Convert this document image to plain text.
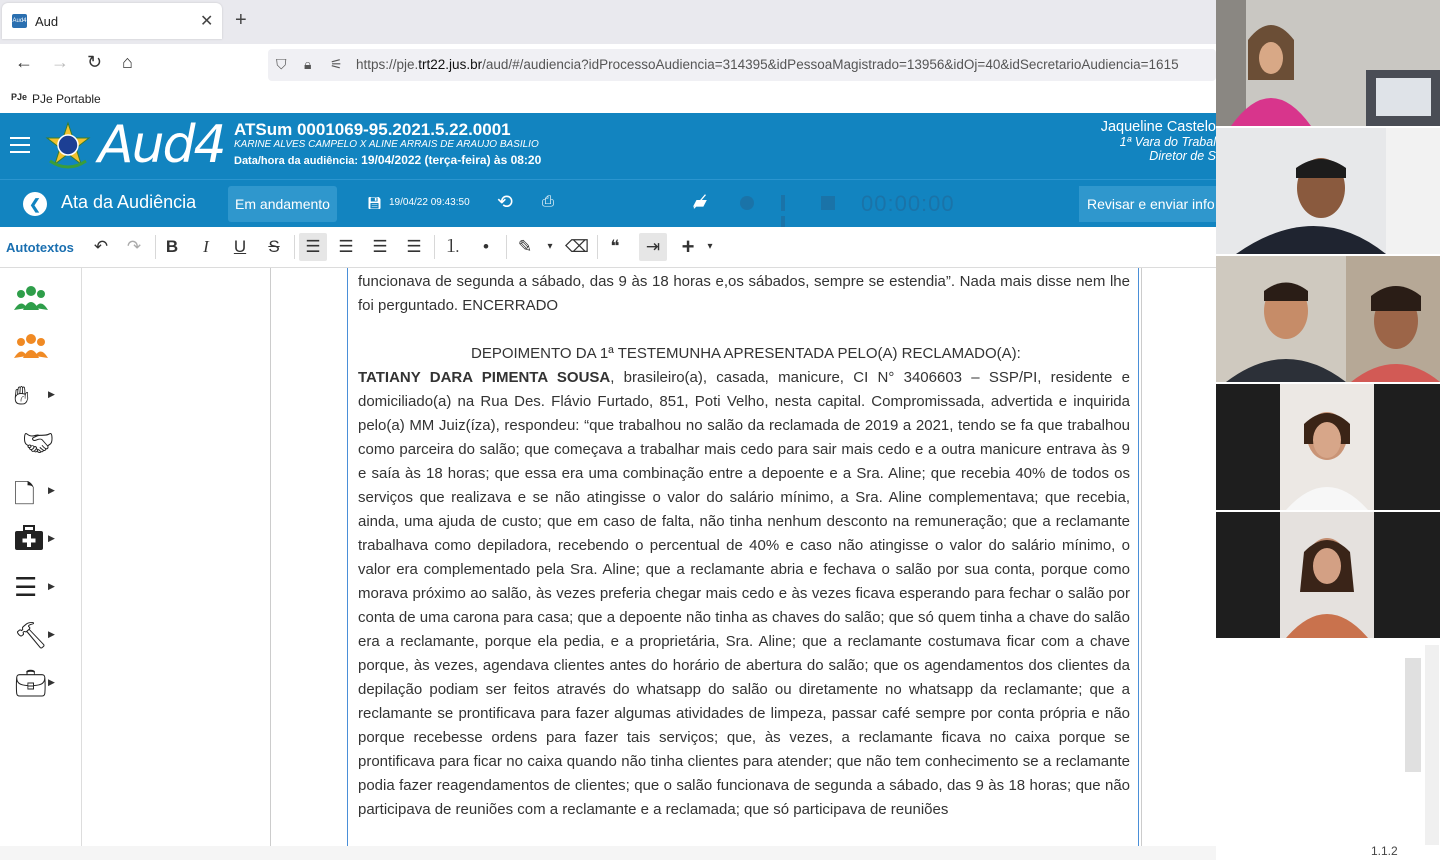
Aud4 Aud	✕ +
← → ↻ ⌂	⛉ 🔒︎ ⚟ https://pje.trt22.jus.br/aud/#/audiencia?idProcessoAudiencia=314395&idPessoaMagistrado=13956&idOj=40&idSecretarioAudiencia=1615
PJe PJe Portable
Aud4 ATSum 0001069-95.2021.5.22.0001
KARINE ALVES CAMPELO X ALINE ARRAIS DE ARAUJO BASILIO
Data/hora da audiência: 19/04/2022 (terça-feira) às 08:20
Jaqueline Castelo
1ª Vara do Trabal
Diretor de S
❮	Ata da Audiência	Em andamento	💾︎ 19/04/22 09:43:50 ⟲ ⎙	▰̸	00:00:00	Revisar e enviar info
Autotextos	↶	↷	B	I	U	S	☰	☰	☰	☰	⒈	•	✎	▾ ⌫	❝	⇥ +	▾
✋︎ ▶
🤝︎
🗋 ▶
▶
☰ ▶
🔨︎ ▶
💼︎ ▶

funcionava de segunda a sábado, das 9 às 18 horas e,os sábados, sempre se estendia”. Nada mais disse nem lhe foi perguntado. ENCERRADO

DEPOIMENTO DA 1ª TESTEMUNHA APRESENTADA PELO(A) RECLAMADO(A):

TATIANY DARA PIMENTA SOUSA, brasileiro(a), casada, manicure, CI N° 3406603 – SSP/PI, residente e domiciliado(a) na Rua Des. Flávio Furtado, 851, Poti Velho, nesta capital. Compromissada, advertida e inquirida pelo(a) MM Juiz(íza), respondeu: “que trabalhou no salão da reclamada de 2019 a 2021, tendo se fa que trabalhou como parceira do salão; que começava a trabalhar mais cedo para sair mais cedo e a outra manicure entrava às 9 e saía às 18 horas; que essa era uma combinação entre a depoente e a Sra. Aline; que recebia 40% de todos os serviços que realizava e se não atingisse o valor do salário mínimo, a Sra. Aline complementava; que recebia, ainda, uma ajuda de custo; que em caso de falta, não tinha nenhum desconto na remuneração; que a reclamante trabalhava como depiladora, recebendo o percentual de 40% e caso não atingisse o valor do salário mínimo, o valor era complementado pela Sra. Aline; que a reclamante abria e fechava o salão por sua conta, porque como morava próximo ao salão, às vezes preferia chegar mais cedo e às vezes ficava esperando para fechar o salão por conta de uma carona para casa; que a depoente não tinha as chaves do salão; que só quem tinha a chave do salão era a reclamante, porque ela pedia, e a proprietária, Sra. Aline; que a reclamante costumava ficar com a chave porque, às vezes, agendava clientes antes do horário de abertura do salão; que os agendamentos dos clientes da depilação podiam ser feitos através do whatsapp do salão ou diretamente no whatsapp da reclamante; que a reclamante se prontificava para fazer algumas atividades de limpeza, passar café sempre por conta própria e não porque recebesse ordens para fazer tais serviços; que, às vezes, a reclamante ficava no caixa porque se prontificava para ficar no caixa quando não tinha clientes para atender; que não tem conhecimento se a reclamante podia fazer reagendamentos de clientes; que o salão funcionava de segunda a sábado, das 9 às 18 horas; que não participava de reuniões com a reclamante e a reclamada; que só participava de reuniões

1.1.2
